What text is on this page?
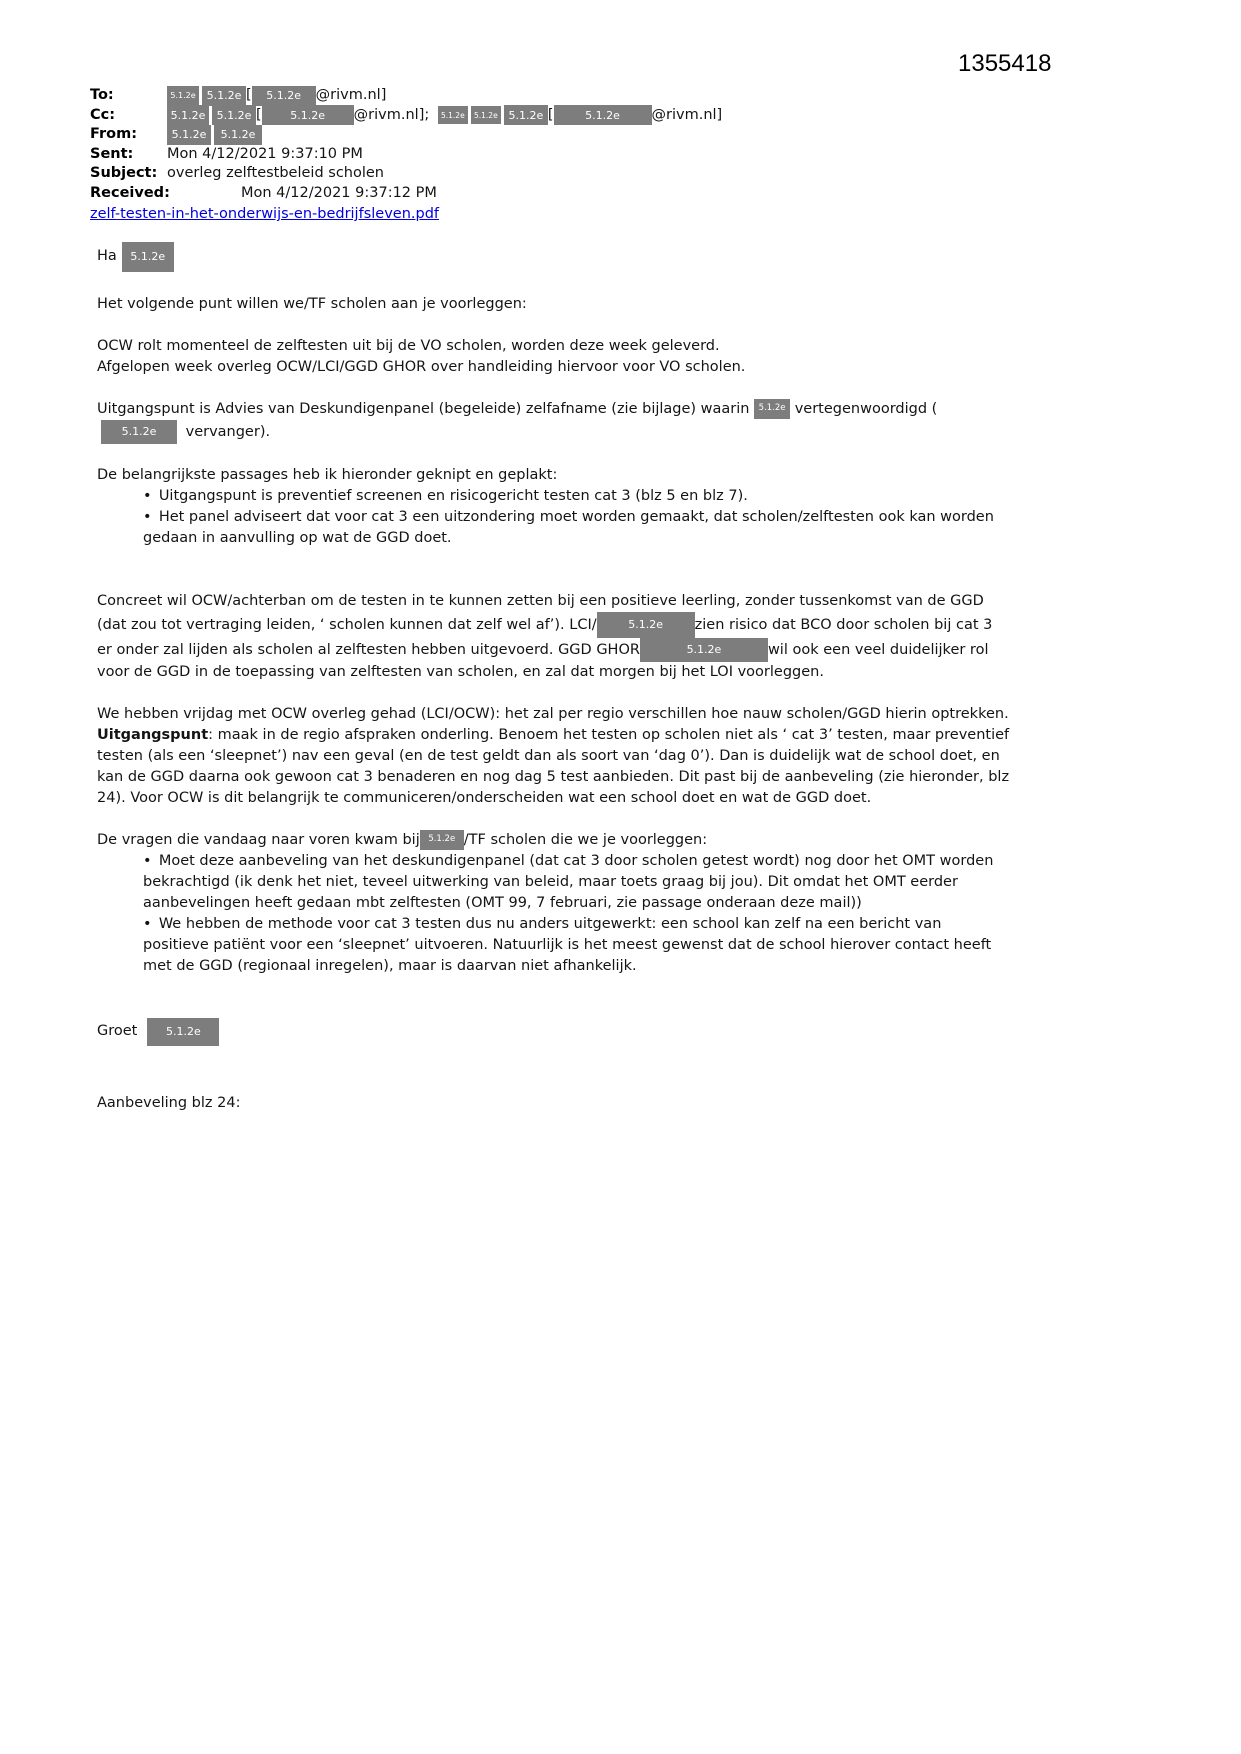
1355418
To:	5.1.2e 5.1.2e [	5.1.2e	@rivm.nl]
Cc:	5.1.2e	5.1.2e [	5.1.2e	@rivm.nl]; 5.1.2e	5.1.2e 5.1.2e [	5.1.2e	@rivm.nl]
From:	5.1.2e	5.1.2e
Sent:	Mon 4/12/2021 9:37:10 PM
Subject: overleg zelftestbeleid scholen
Received:	Mon 4/12/2021 9:37:12 PM
zelf-testen-in-het-onderwijs-en-bedrijfsleven.pdf
Ha	5.1.2e
Het volgende punt willen we/TF scholen aan je voorleggen:
OCW rolt momenteel de zelftesten uit bij de VO scholen, worden deze week geleverd.
Afgelopen week overleg OCW/LCI/GGD GHOR over handleiding hiervoor voor VO scholen.
Uitgangspunt is Advies van Deskundigenpanel (begeleide) zelfafname (zie bijlage) waarin 5.1.2e vertegenwoordigd (5.1.2e vervanger).
De belangrijkste passages heb ik hieronder geknipt en geplakt:
• Uitgangspunt is preventief screenen en risicogericht testen cat 3 (blz 5 en blz 7).
• Het panel adviseert dat voor cat 3 een uitzondering moet worden gemaakt, dat scholen/zelftesten ook kan worden gedaan in aanvulling op wat de GGD doet.
Concreet wil OCW/achterban om de testen in te kunnen zetten bij een positieve leerling, zonder tussenkomst van de GGD (dat zou tot vertraging leiden, ‘ scholen kunnen dat zelf wel af’). LCI/	5.1.2e zien risico dat BCO door scholen bij cat 3 er onder zal lijden als scholen al zelftesten hebben uitgevoerd. GGD GHOR	5.1.2e	wil ook een veel duidelijker rol voor de GGD in de toepassing van zelftesten van scholen, en zal dat morgen bij het LOI voorleggen.
We hebben vrijdag met OCW overleg gehad (LCI/OCW): het zal per regio verschillen hoe nauw scholen/GGD hierin optrekken. Uitgangspunt: maak in de regio afspraken onderling. Benoem het testen op scholen niet als ‘ cat 3’ testen, maar preventief testen (als een ‘sleepnet’) nav een geval (en de test geldt dan als soort van ‘dag 0’). Dan is duidelijk wat de school doet, en kan de GGD daarna ook gewoon cat 3 benaderen en nog dag 5 test aanbieden. Dit past bij de aanbeveling (zie hieronder, blz 24). Voor OCW is dit belangrijk te communiceren/onderscheiden wat een school doet en wat de GGD doet.
De vragen die vandaag naar voren kwam bij 5.1.2e /TF scholen die we je voorleggen:
• Moet deze aanbeveling van het deskundigenpanel (dat cat 3 door scholen getest wordt) nog door het OMT worden bekrachtigd (ik denk het niet, teveel uitwerking van beleid, maar toets graag bij jou). Dit omdat het OMT eerder aanbevelingen heeft gedaan mbt zelftesten (OMT 99, 7 februari, zie passage onderaan deze mail))
• We hebben de methode voor cat 3 testen dus nu anders uitgewerkt: een school kan zelf na een bericht van positieve patiënt voor een ‘sleepnet’ uitvoeren. Natuurlijk is het meest gewenst dat de school hierover contact heeft met de GGD (regionaal inregelen), maar is daarvan niet afhankelijk.
Groet	5.1.2e
Aanbeveling blz 24:
